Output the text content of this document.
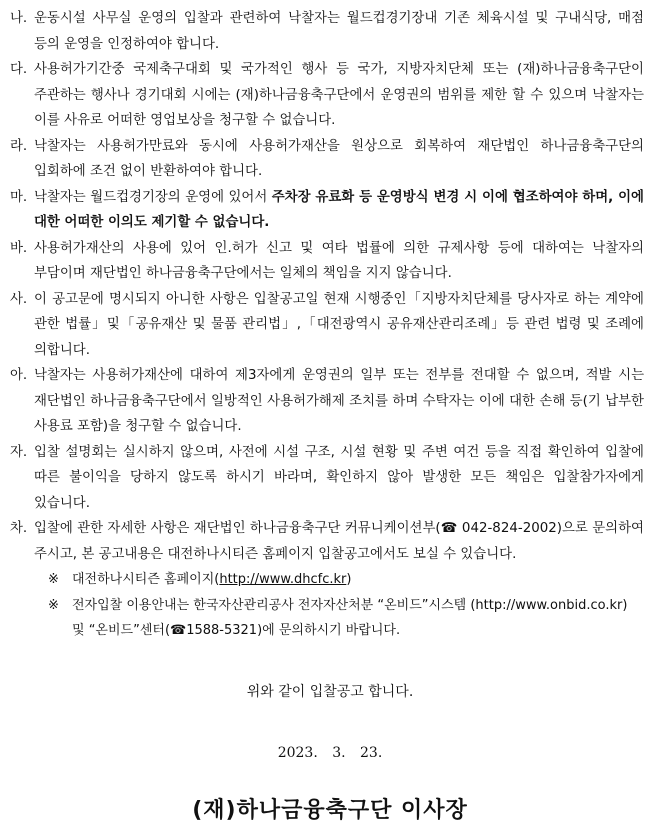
나. 운동시설 사무실 운영의 입찰과 관련하여 낙찰자는 월드컵경기장내 기존 체육시설 및 구내식당, 매점 등의 운영을 인정하여야 합니다.
다. 사용허가기간중 국제축구대회 및 국가적인 행사 등 국가, 지방자치단체 또는 (재)하나금융축구단이 주관하는 행사나 경기대회 시에는 (재)하나금융축구단에서 운영권의 범위를 제한 할 수 있으며 낙찰자는 이를 사유로 어떠한 영업보상을 청구할 수 없습니다.
라. 낙찰자는 사용허가만료와 동시에 사용허가재산을 원상으로 회복하여 재단법인 하나금융축구단의 입회하에 조건 없이 반환하여야 합니다.
마. 낙찰자는 월드컵경기장의 운영에 있어서 주차장 유료화 등 운영방식 변경 시 이에 협조하여야 하며, 이에 대한 어떠한 이의도 제기할 수 없습니다.
바. 사용허가재산의 사용에 있어 인.허가 신고 및 여타 법률에 의한 규제사항 등에 대하여는 낙찰자의 부담이며 재단법인 하나금융축구단에서는 일체의 책임을 지지 않습니다.
사. 이 공고문에 명시되지 아니한 사항은 입찰공고일 현재 시행중인「지방자치단체를 당사자로 하는 계약에 관한 법률」및「공유재산 및 물품 관리법」,「대전광역시 공유재산관리조례」등 관련 법령 및 조례에 의합니다.
아. 낙찰자는 사용허가재산에 대하여 제3자에게 운영권의 일부 또는 전부를 전대할 수 없으며, 적발 시는 재단법인 하나금융축구단에서 일방적인 사용허가해제 조치를 하며 수탁자는 이에 대한 손해 등(기 납부한 사용료 포함)을 청구할 수 없습니다.
자. 입찰 설명회는 실시하지 않으며, 사전에 시설 구조, 시설 현황 및 주변 여건 등을 직접 확인하여 입찰에 따른 불이익을 당하지 않도록 하시기 바라며, 확인하지 않아 발생한 모든 책임은 입찰참가자에게 있습니다.
차. 입찰에 관한 자세한 사항은 재단법인 하나금융축구단 커뮤니케이션부(☎ 042-824-2002)으로 문의하여 주시고, 본 공고내용은 대전하나시티즌 홈페이지 입찰공고에서도 보실 수 있습니다.
※	대전하나시티즌 홈페이지(http://www.dhcfc.kr)
※	전자입찰 이용안내는 한국자산관리공사 전자자산처분 “온비드”시스템 (http://www.onbid.co.kr) 및 “온비드”센터(☎1588-5321)에 문의하시기 바랍니다.
위와 같이 입찰공고 합니다.
2023. 3. 23.
(재)하나금융축구단 이사장
